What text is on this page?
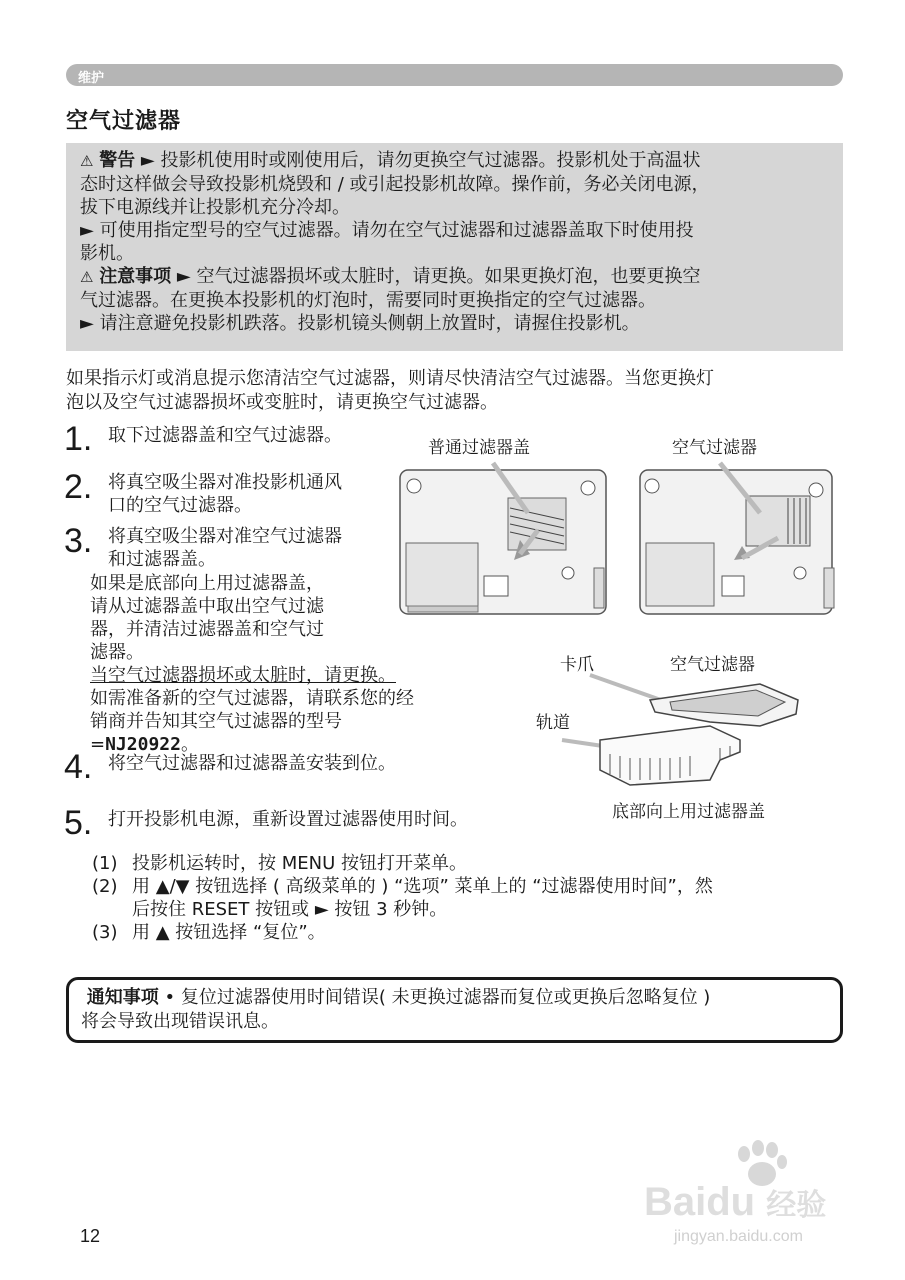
维护
空气过滤器

⚠ 警告 ► 投影机使用时或刚使用后，请勿更换空气过滤器。投影机处于高温状

态时这样做会导致投影机烧毁和 / 或引起投影机故障。操作前，务必关闭电源，

拔下电源线并让投影机充分冷却。

► 可使用指定型号的空气过滤器。请勿在空气过滤器和过滤器盖取下时使用投

影机。

⚠ 注意事项 ► 空气过滤器损坏或太脏时，请更换。如果更换灯泡，也要更换空

气过滤器。在更换本投影机的灯泡时，需要同时更换指定的空气过滤器。

► 请注意避免投影机跌落。投影机镜头侧朝上放置时，请握住投影机。

如果指示灯或消息提示您清洁空气过滤器，则请尽快清洁空气过滤器。当您更换灯
泡以及空气过滤器损坏或变脏时，请更换空气过滤器。

1. 取下过滤器盖和空气过滤器。

2. 将真空吸尘器对准投影机通风
口的空气过滤器。

3. 将真空吸尘器对准空气过滤器
和过滤器盖。

如果是底部向上用过滤器盖，
请从过滤器盖中取出空气过滤
器，并清洁过滤器盖和空气过
滤器。
当空气过滤器损坏或太脏时，请更换。
如需准备新的空气过滤器，请联系您的经
销商并告知其空气过滤器的型号 =NJ20922。

4. 将空气过滤器和过滤器盖安装到位。

5. 打开投影机电源，重新设置过滤器使用时间。

普通过滤器盖	空气过滤器
卡爪	空气过滤器
轨道
底部向上用过滤器盖
(1) 投影机运转时，按 MENU 按钮打开菜单。
(2) 用 ▲/▼ 按钮选择 ( 高级菜单的 ) “选项” 菜单上的 “过滤器使用时间”，然
后按住 RESET 按钮或 ► 按钮 3 秒钟。
(3) 用 ▲ 按钮选择 “复位”。
通知事项 • 复位过滤器使用时间错误( 未更换过滤器而复位或更换后忽略复位 )
将会导致出现错误讯息。
12
Baidu 经验
jingyan.baidu.com
